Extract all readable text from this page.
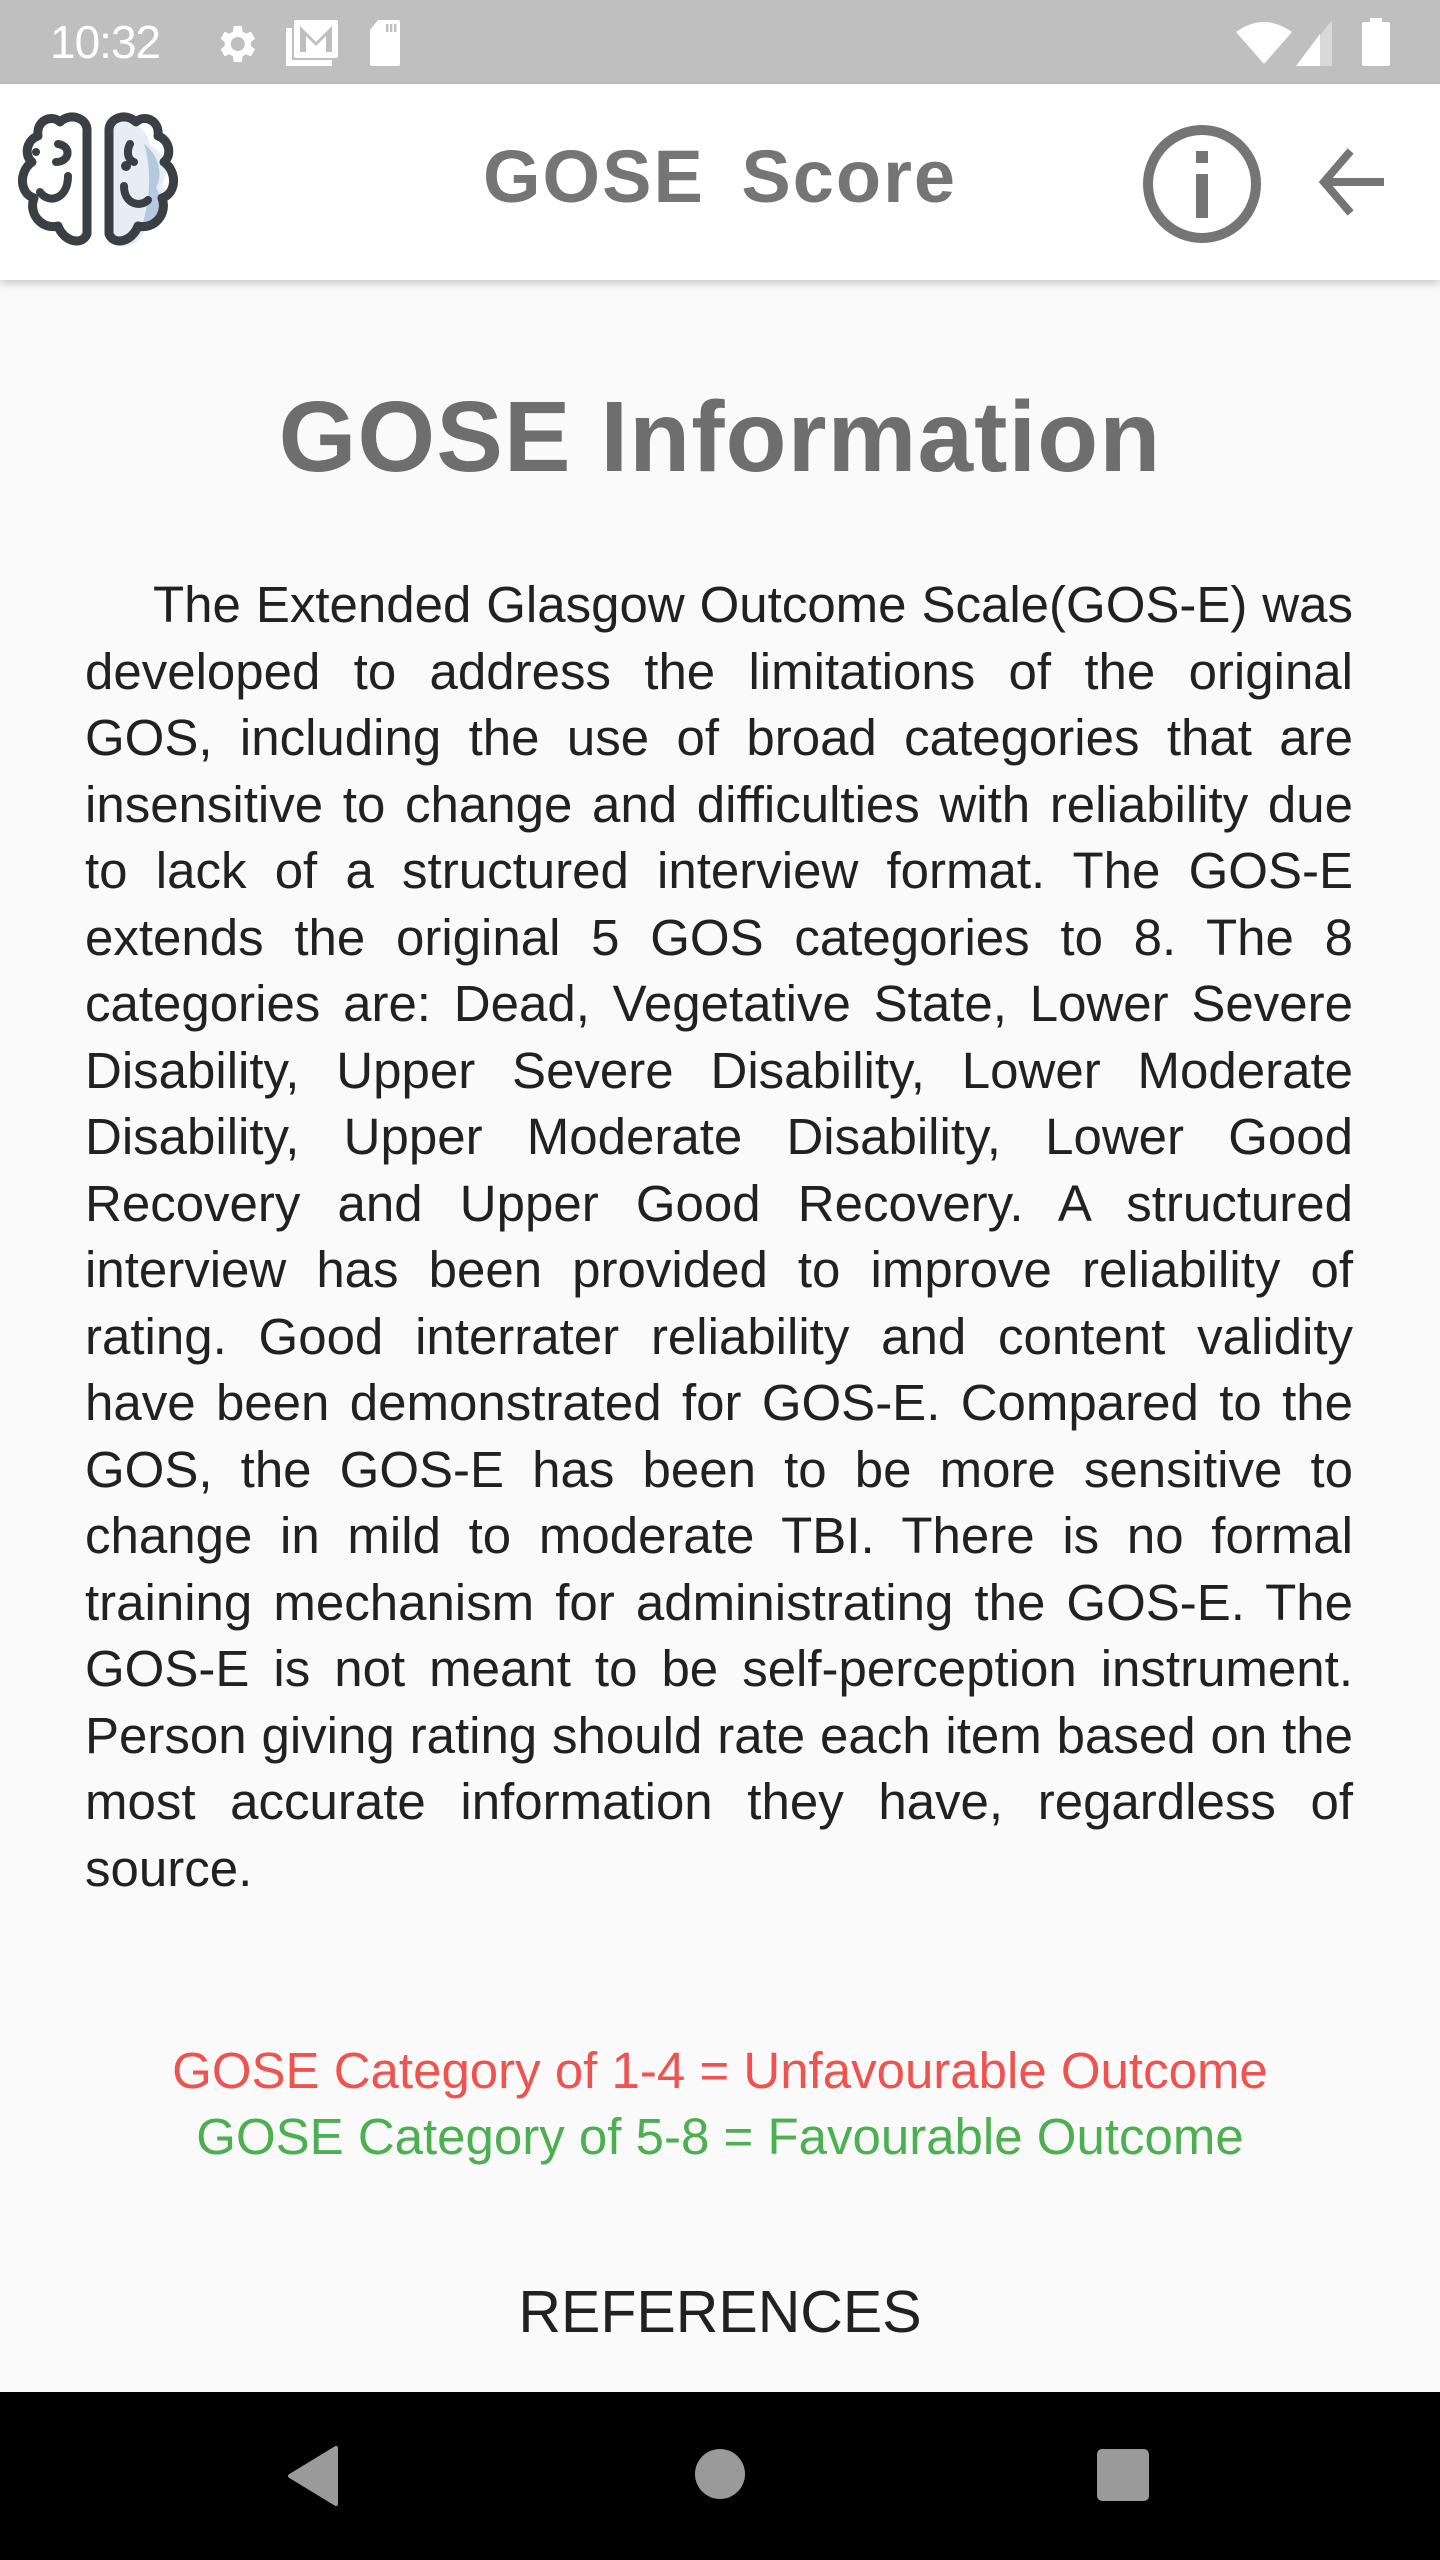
10:32
GOSE Score
GOSE Information

The Extended Glasgow Outcome Scale(GOS-E) was developed to address the limitations of the original GOS, including the use of broad categories that are insensitive to change and difficulties with reliability due to lack of a structured interview format. The GOS-E extends the original 5 GOS categories to 8. The 8 categories are: Dead, Vegetative State, Lower Severe Disability, Upper Severe Disability, Lower Moderate Disability, Upper Moderate Disability, Lower Good Recovery and Upper Good Recovery. A structured interview has been provided to improve reliability of rating. Good interrater reliability and content validity have been demonstrated for GOS-E. Compared to the GOS, the GOS-E has been to be more sensitive to change in mild to moderate TBI. There is no formal training mechanism for administrating the GOS-E. The GOS-E is not meant to be self-perception instrument. Person giving rating should rate each item based on the most accurate information they have, regardless of source.

GOSE Category of 1-4 = Unfavourable Outcome
GOSE Category of 5-8 = Favourable Outcome
REFERENCES
